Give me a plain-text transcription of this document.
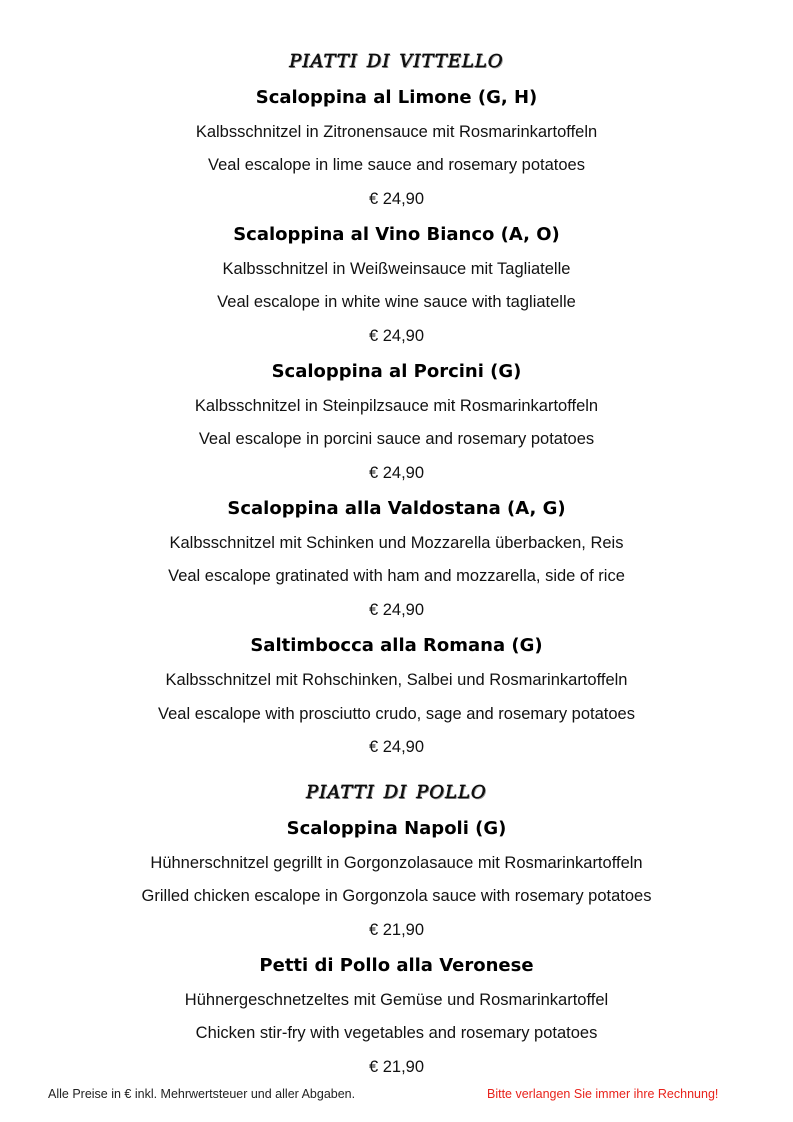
piatti di vittello
Scaloppina al Limone (G, H)
Kalbsschnitzel in Zitronensauce mit Rosmarinkartoffeln
Veal escalope in lime sauce and rosemary potatoes
€ 24,90
Scaloppina al Vino Bianco (A, O)
Kalbsschnitzel in Weißweinsauce mit Tagliatelle
Veal escalope in white wine sauce with tagliatelle
€ 24,90
Scaloppina al Porcini (G)
Kalbsschnitzel in Steinpilzsauce mit Rosmarinkartoffeln
Veal escalope in porcini sauce and rosemary potatoes
€ 24,90
Scaloppina alla Valdostana (A, G)
Kalbsschnitzel mit Schinken und Mozzarella überbacken, Reis
Veal escalope gratinated with ham and mozzarella, side of rice
€ 24,90
Saltimbocca alla Romana (G)
Kalbsschnitzel mit Rohschinken, Salbei und Rosmarinkartoffeln
Veal escalope with prosciutto crudo, sage and rosemary potatoes
€ 24,90
piatti di pollo
Scaloppina Napoli (G)
Hühnerschnitzel gegrillt in Gorgonzolasauce mit Rosmarinkartoffeln
Grilled chicken escalope in Gorgonzola sauce with rosemary potatoes
€ 21,90
Petti di Pollo alla Veronese
Hühnergeschnetzeltes mit Gemüse und Rosmarinkartoffel
Chicken stir-fry with vegetables and rosemary potatoes
€ 21,90
Alle Preise in € inkl. Mehrwertsteuer und aller Abgaben.	Bitte verlangen Sie immer ihre Rechnung!
